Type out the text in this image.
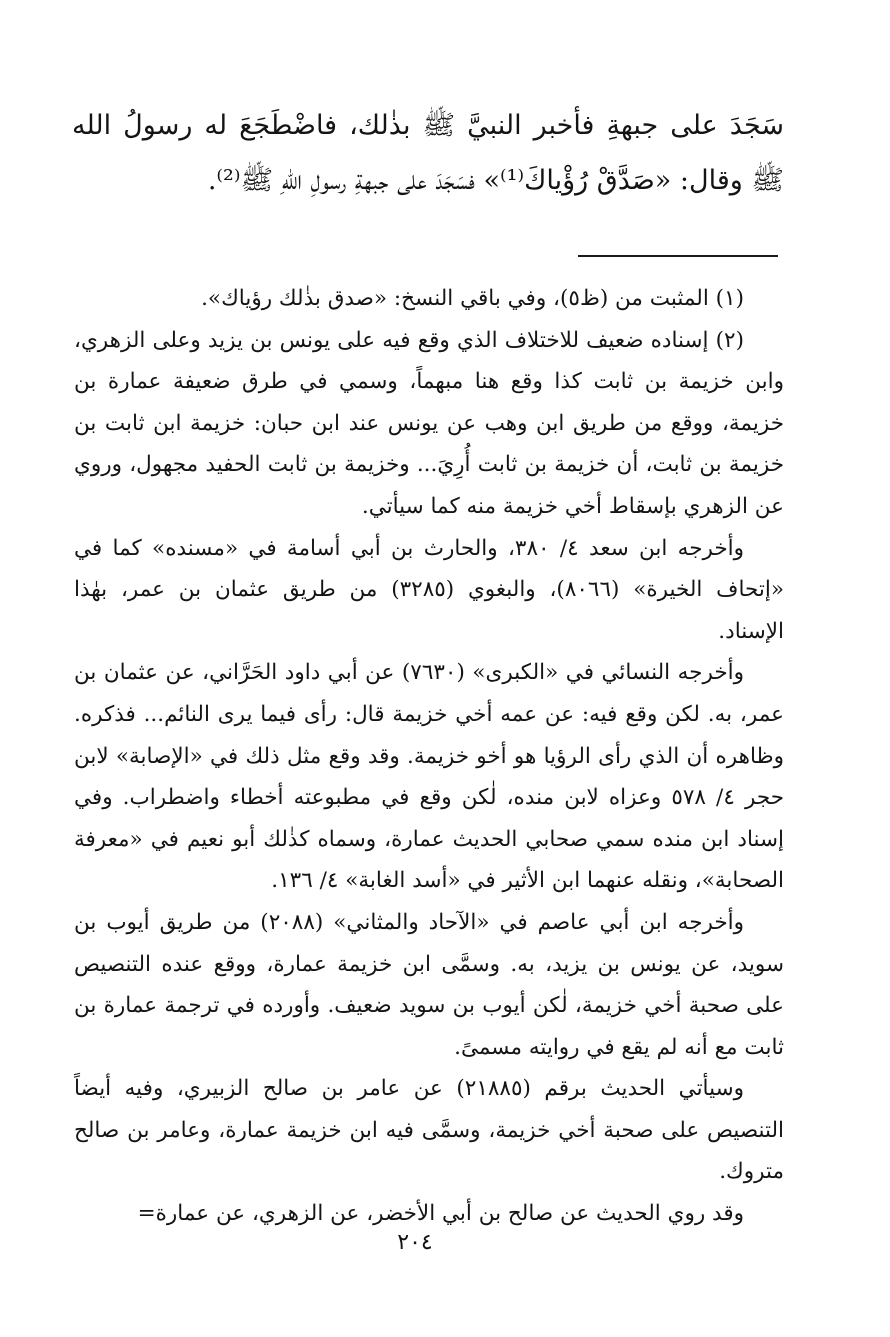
سَجَدَ على جبهةِ فأخبر النبيَّ ﷺ بذٰلك، فاضْطَجَعَ له رسولُ الله ﷺ وقال: «صَدَّقْ رُؤْياكَ⁽¹⁾» فسَجَدَ على جبهةِ رسولِ اللهِ ﷺ⁽²⁾.

(١) المثبت من (ظ٥)، وفي باقي النسخ: «صدق بذٰلك رؤياك».

(٢) إسناده ضعيف للاختلاف الذي وقع فيه على يونس بن يزيد وعلى الزهري، وابن خزيمة بن ثابت كذا وقع هنا مبهماً، وسمي في طرق ضعيفة عمارة بن خزيمة، ووقع من طريق ابن وهب عن يونس عند ابن حبان: خزيمة ابن ثابت بن خزيمة بن ثابت، أن خزيمة بن ثابت أُرِيَ... وخزيمة بن ثابت الحفيد مجهول، وروي عن الزهري بإسقاط أخي خزيمة منه كما سيأتي.

وأخرجه ابن سعد ٤/ ٣٨٠، والحارث بن أبي أسامة في «مسنده» كما في «إتحاف الخيرة» (٨٠٦٦)، والبغوي (٣٢٨٥) من طريق عثمان بن عمر، بهٰذا الإسناد.

وأخرجه النسائي في «الكبرى» (٧٦٣٠) عن أبي داود الحَرَّاني، عن عثمان بن عمر، به. لكن وقع فيه: عن عمه أخي خزيمة قال: رأى فيما يرى النائم... فذكره. وظاهره أن الذي رأى الرؤيا هو أخو خزيمة. وقد وقع مثل ذلك في «الإصابة» لابن حجر ٤/ ٥٧٨ وعزاه لابن منده، لٰكن وقع في مطبوعته أخطاء واضطراب. وفي إسناد ابن منده سمي صحابي الحديث عمارة، وسماه كذٰلك أبو نعيم في «معرفة الصحابة»، ونقله عنهما ابن الأثير في «أسد الغابة» ٤/ ١٣٦.

وأخرجه ابن أبي عاصم في «الآحاد والمثاني» (٢٠٨٨) من طريق أيوب بن سويد، عن يونس بن يزيد، به. وسمَّى ابن خزيمة عمارة، ووقع عنده التنصيص على صحبة أخي خزيمة، لٰكن أيوب بن سويد ضعيف. وأورده في ترجمة عمارة بن ثابت مع أنه لم يقع في روايته مسمىً.

وسيأتي الحديث برقم (٢١٨٨٥) عن عامر بن صالح الزبيري، وفيه أيضاً التنصيص على صحبة أخي خزيمة، وسمَّى فيه ابن خزيمة عمارة، وعامر بن صالح متروك.

وقد روي الحديث عن صالح بن أبي الأخضر، عن الزهري، عن عمارة=

٢٠٤
